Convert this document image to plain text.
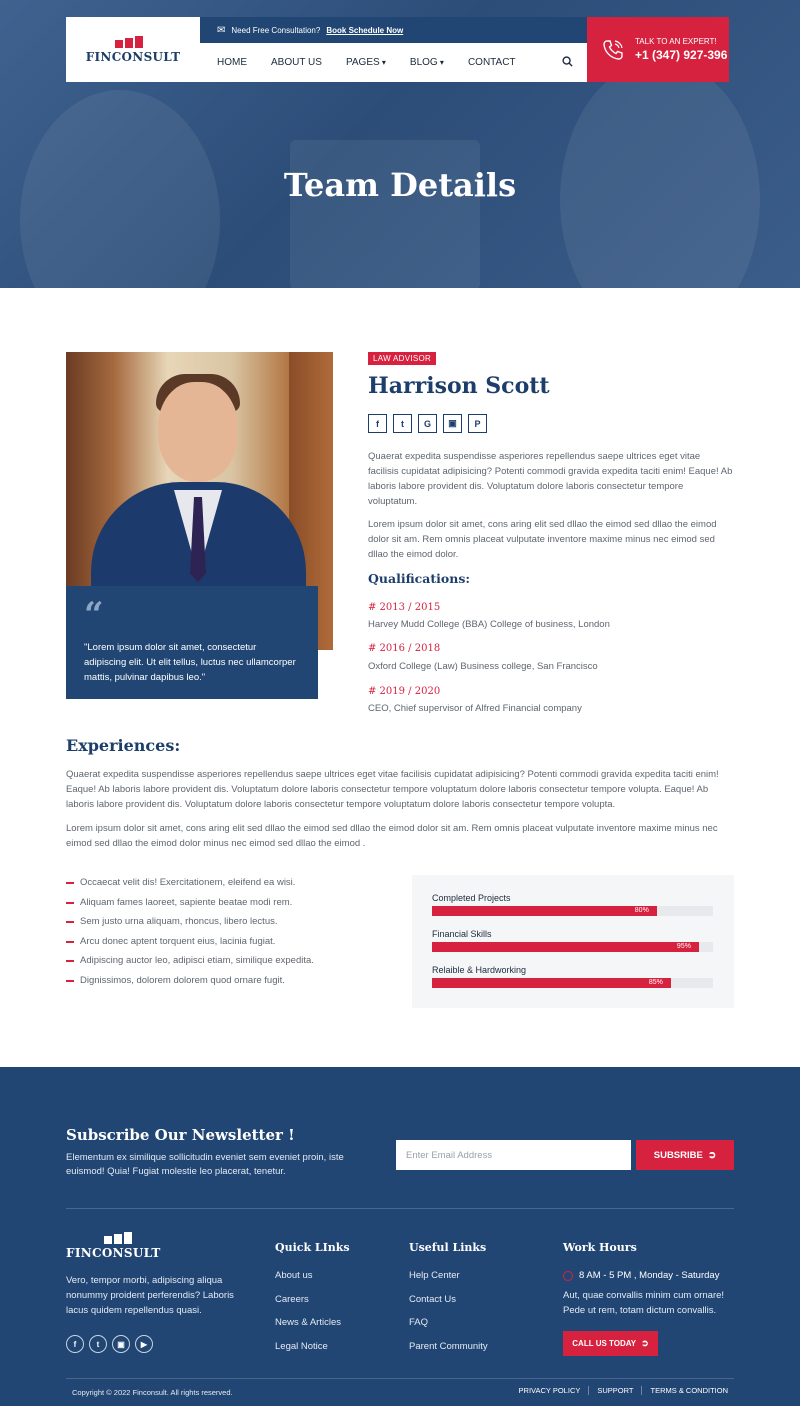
Team Details
FINCONSULT
✉ Need Free Consultation? Book Schedule Now
HOME ABOUT US PAGES ▾	BLOG ▾	CONTACT
TALK TO AN EXPERT!
+1 (347) 927-396
“
"Lorem ipsum dolor sit amet, consectetur adipiscing elit. Ut elit tellus, luctus nec ullamcorper mattis, pulvinar dapibus leo."
LAW ADVISOR
Harrison Scott
f	t	G	▣	P
Quaerat expedita suspendisse asperiores repellendus saepe ultrices eget vitae facilisis cupidatat adipisicing? Potenti commodi gravida expedita taciti enim! Eaque! Ab laboris labore provident dis. Voluptatum dolore laboris consectetur tempore voluptatum.
Lorem ipsum dolor sit amet, cons aring elit sed dllao the eimod sed dllao the eimod dolor sit am. Rem omnis placeat vulputate inventore maxime minus nec eimod sed dllao the eimod dolor.
Qualifications:
# 2013 / 2015
Harvey Mudd College (BBA) College of business, London
# 2016 / 2018
Oxford College (Law) Business college, San Francisco
# 2019 / 2020
CEO, Chief supervisor of Alfred Financial company
Experiences:
Quaerat expedita suspendisse asperiores repellendus saepe ultrices eget vitae facilisis cupidatat adipisicing? Potenti commodi gravida expedita taciti enim! Eaque! Ab laboris labore provident dis. Voluptatum dolore laboris consectetur tempore voluptatum dolore laboris consectetur tempore volupta. Eaque! Ab laboris labore provident dis. Voluptatum dolore laboris consectetur tempore voluptatum dolore laboris consectetur tempore volupta.
Lorem ipsum dolor sit amet, cons aring elit sed dllao the eimod sed dllao the eimod dolor sit am. Rem omnis placeat vulputate inventore maxime minus nec eimod sed dllao the eimod dolor minus nec eimod sed dllao the eimod .
Occaecat velit dis! Exercitationem, eleifend ea wisi.
Aliquam fames laoreet, sapiente beatae modi rem.
Sem justo urna aliquam, rhoncus, libero lectus.
Arcu donec aptent torquent eius, lacinia fugiat.
Adipiscing auctor leo, adipisci etiam, similique expedita.
Dignissimos, dolorem dolorem quod ornare fugit.
Completed Projects
80%
Financial Skills
95%
Relaible & Hardworking
85%
Subscribe Our Newsletter !
Elementum ex similique sollicitudin eveniet sem eveniet proin, iste euismod! Quia! Fugiat molestie leo placerat, tenetur.
Enter Email Address
SUBSRIBE ➲
FINCONSULT
Vero, tempor morbi, adipiscing aliqua nonummy proident perferendis? Laboris lacus quidem repellendus quasi.
f	t	▣	▶
Quick LInks
About us
Careers
News & Articles
Legal Notice
Useful Links
Help Center
Contact Us
FAQ
Parent Community
Work Hours
8 AM - 5 PM , Monday - Saturday
Aut, quae convallis minim cum ornare! Pede ut rem, totam dictum convallis.
CALL US TODAY ➲
Copyright © 2022 Finconsult. All rights reserved.	PRIVACY POLICY	SUPPORT	TERMS & CONDITION
